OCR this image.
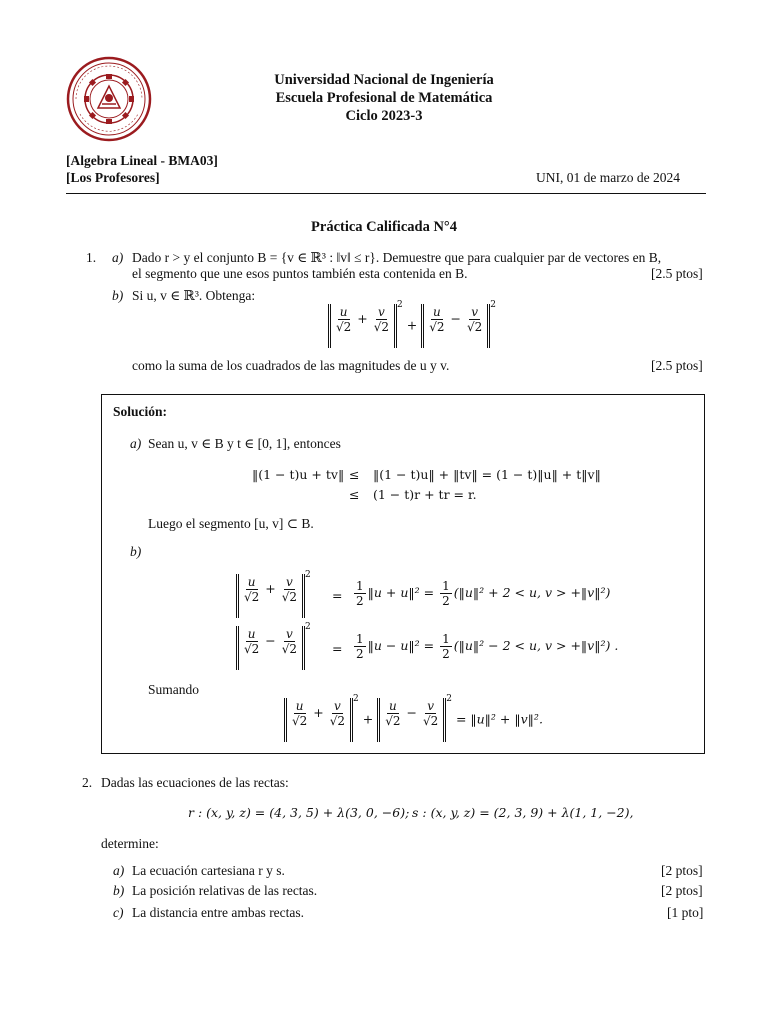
Universidad Nacional de Ingeniería
Escuela Profesional de Matemática
Ciclo 2023-3
[Algebra Lineal - BMA03]
[Los Profesores]	UNI, 01 de marzo de 2024
Práctica Calificada N°4
1. a) Dado r > y el conjunto B = {v ∈ ℝ³ : ‖v‖ ≤ r}. Demuestre que para cualquier par de vectores en B,
el segmento que une esos puntos también esta contenida en B.	[2.5 ptos]
b) Si u, v ∈ ℝ³. Obtenga:
$\frac{u}{√2} + \frac{v}{√2}$
$^2 + \frac{u}{√2} - \frac{v}{√2}$
$^2$
como la suma de los cuadrados de las magnitudes de u y v.	[2.5 ptos]
Solución:
a) Sean u, v ∈ B y t ∈ [0, 1], entonces
‖(1 − t)u + tv‖ ≤ ‖(1 − t)u‖ + ‖tv‖ = (1 − t)‖u‖ + t‖v‖
≤ (1 − t)r + tr = r.
Luego el segmento [u, v] ⊂ B.
b)
$\frac{u}{√2} + \frac{v}{√2}$
$^2$
= $\frac{1}{2}$ ‖u + u‖² = $\frac{1}{2}$ (‖u‖² + 2 < u, v > +‖v‖²)
$\frac{u}{√2} - \frac{v}{√2}$
$^2$
= $\frac{1}{2}$ ‖u − u‖² = $\frac{1}{2}$ (‖u‖² − 2 < u, v > +‖v‖²) .
Sumando
$\frac{u}{√2} + \frac{v}{√2}$
$^2 + \frac{u}{√2} - \frac{v}{√2}$
$^2$ = ‖u‖² + ‖v‖².
2. Dadas las ecuaciones de las rectas:
r : (x, y, z) = (4, 3, 5) + λ(3, 0, −6); s : (x, y, z) = (2, 3, 9) + λ(1, 1, −2),
determine:
a) La ecuación cartesiana r y s.	[2 ptos]
b) La posición relativas de las rectas.	[2 ptos]
c) La distancia entre ambas rectas.	[1 pto]
